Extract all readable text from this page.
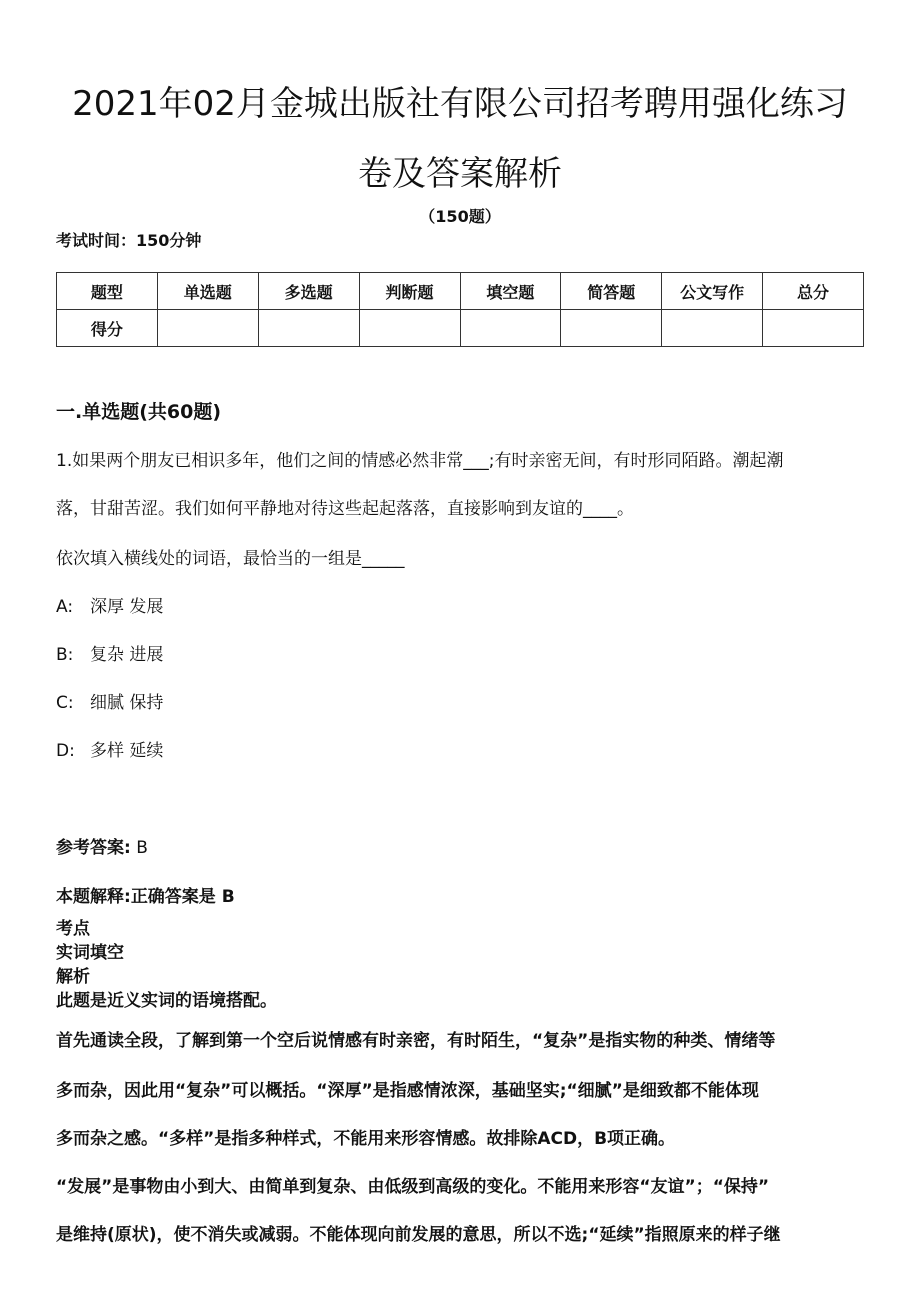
2021年02月金城出版社有限公司招考聘用强化练习
卷及答案解析
（150题）
考试时间：150分钟
题型	单选题	多选题	判断题	填空题	简答题	公文写作	总分
得分							
一.单选题(共60题)
1.如果两个朋友已相识多年，他们之间的情感必然非常___;有时亲密无间，有时形同陌路。潮起潮
落，甘甜苦涩。我们如何平静地对待这些起起落落，直接影响到友谊的____。
依次填入横线处的词语，最恰当的一组是_____
A: 深厚 发展
B: 复杂 进展
C: 细腻 保持
D: 多样 延续
参考答案: B
本题解释:正确答案是 B
考点
实词填空
解析
此题是近义实词的语境搭配。
首先通读全段，了解到第一个空后说情感有时亲密，有时陌生，“复杂”是指实物的种类、情绪等
多而杂，因此用“复杂”可以概括。“深厚”是指感情浓深，基础坚实;“细腻”是细致都不能体现
多而杂之感。“多样”是指多种样式，不能用来形容情感。故排除ACD，B项正确。
“发展”是事物由小到大、由简单到复杂、由低级到高级的变化。不能用来形容“友谊”；“保持”
是维持(原状)，使不消失或减弱。不能体现向前发展的意思，所以不选;“延续”指照原来的样子继
